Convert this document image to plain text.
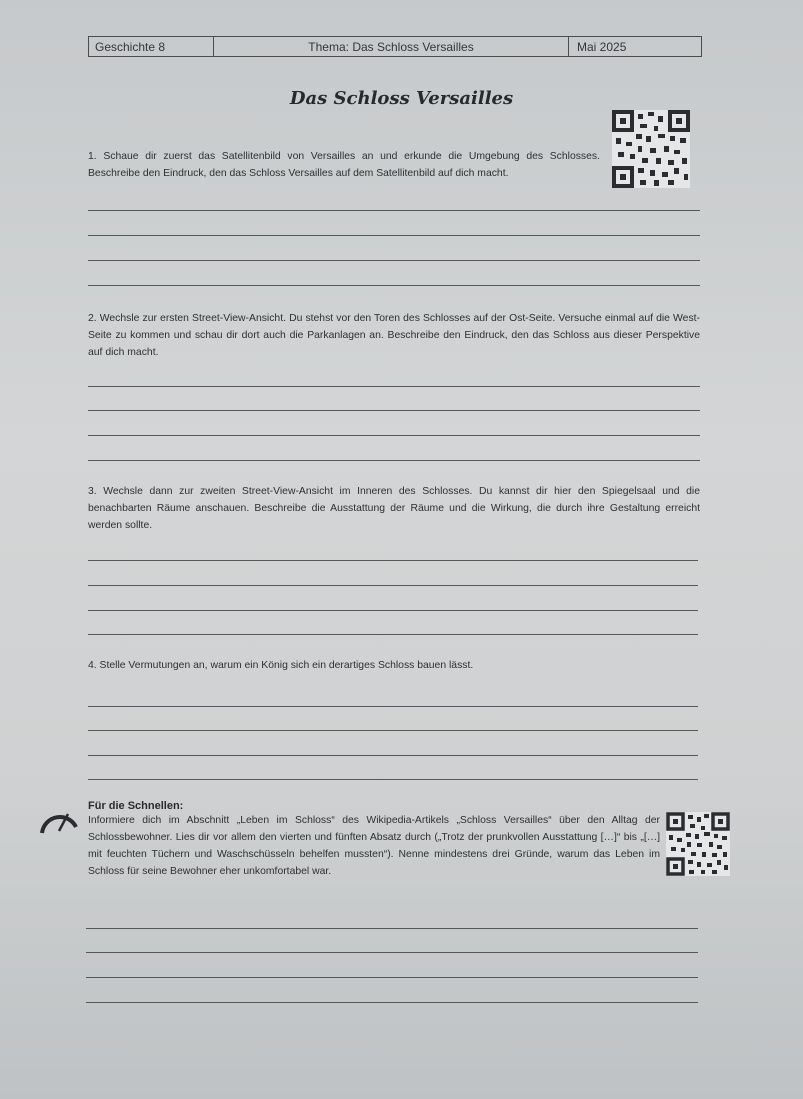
Geschichte 8	Thema: Das Schloss Versailles	Mai 2025
Das Schloss Versailles
1. Schaue dir zuerst das Satellitenbild von Versailles an und erkunde die Umgebung des Schlosses. Beschreibe den Eindruck, den das Schloss Versailles auf dem Satellitenbild auf dich macht.
2. Wechsle zur ersten Street-View-Ansicht. Du stehst vor den Toren des Schlosses auf der Ost-Seite. Versuche einmal auf die West-Seite zu kommen und schau dir dort auch die Parkanlagen an. Beschreibe den Eindruck, den das Schloss aus dieser Perspektive auf dich macht.
3. Wechsle dann zur zweiten Street-View-Ansicht im Inneren des Schlosses. Du kannst dir hier den Spiegelsaal und die benachbarten Räume anschauen. Beschreibe die Ausstattung der Räume und die Wirkung, die durch ihre Gestaltung erreicht werden sollte.
4. Stelle Vermutungen an, warum ein König sich ein derartiges Schloss bauen lässt.
Für die Schnellen:
Informiere dich im Abschnitt „Leben im Schloss“ des Wikipedia-Artikels „Schloss Versailles“ über den Alltag der Schlossbewohner. Lies dir vor allem den vierten und fünften Absatz durch („Trotz der prunkvollen Ausstattung […]“ bis „[…] mit feuchten Tüchern und Waschschüsseln behelfen mussten“). Nenne mindestens drei Gründe, warum das Leben im Schloss für seine Bewohner eher unkomfortabel war.
